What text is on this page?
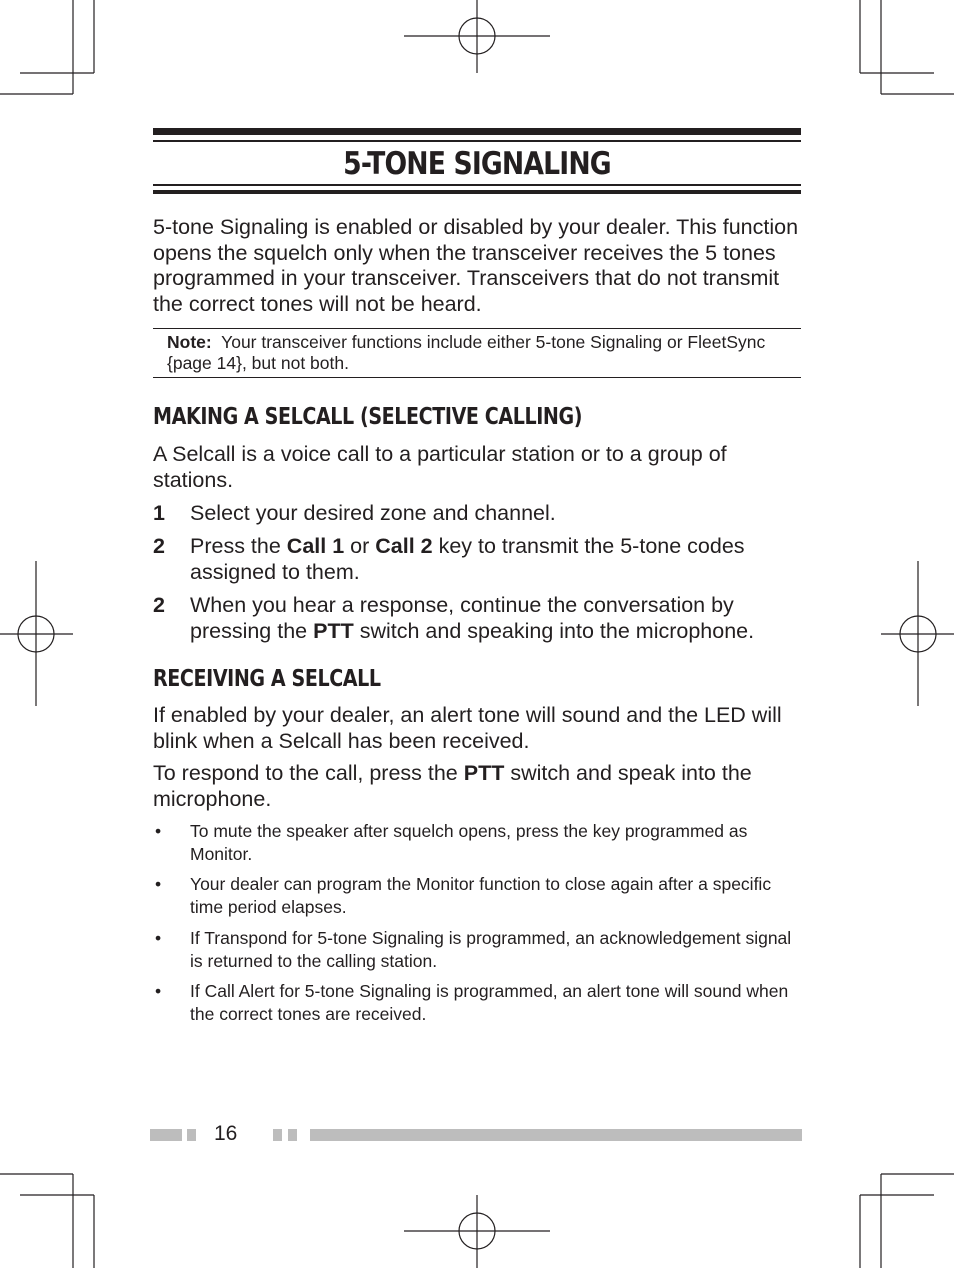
5-TONE SIGNALING

5-tone Signaling is enabled or disabled by your dealer. This function opens the squelch only when the transceiver receives the 5 tones programmed in your transceiver. Transceivers that do not transmit the correct tones will not be heard.

Note: Your transceiver functions include either 5-tone Signaling or FleetSync {page 14}, but not both.
MAKING A SELCALL (SELECTIVE CALLING)

A Selcall is a voice call to a particular station or to a group of stations.

1 Select your desired zone and channel.
2 Press the Call 1 or Call 2 key to transmit the 5-tone codes assigned to them.
2 When you hear a response, continue the conversation by pressing the PTT switch and speaking into the microphone.
RECEIVING A SELCALL

If enabled by your dealer, an alert tone will sound and the LED will blink when a Selcall has been received.

To respond to the call, press the PTT switch and speak into the microphone.

• To mute the speaker after squelch opens, press the key programmed as Monitor.
• Your dealer can program the Monitor function to close again after a specific time period elapses.
• If Transpond for 5-tone Signaling is programmed, an acknowledgement signal is returned to the calling station.
• If Call Alert for 5-tone Signaling is programmed, an alert tone will sound when the correct tones are received.
16
